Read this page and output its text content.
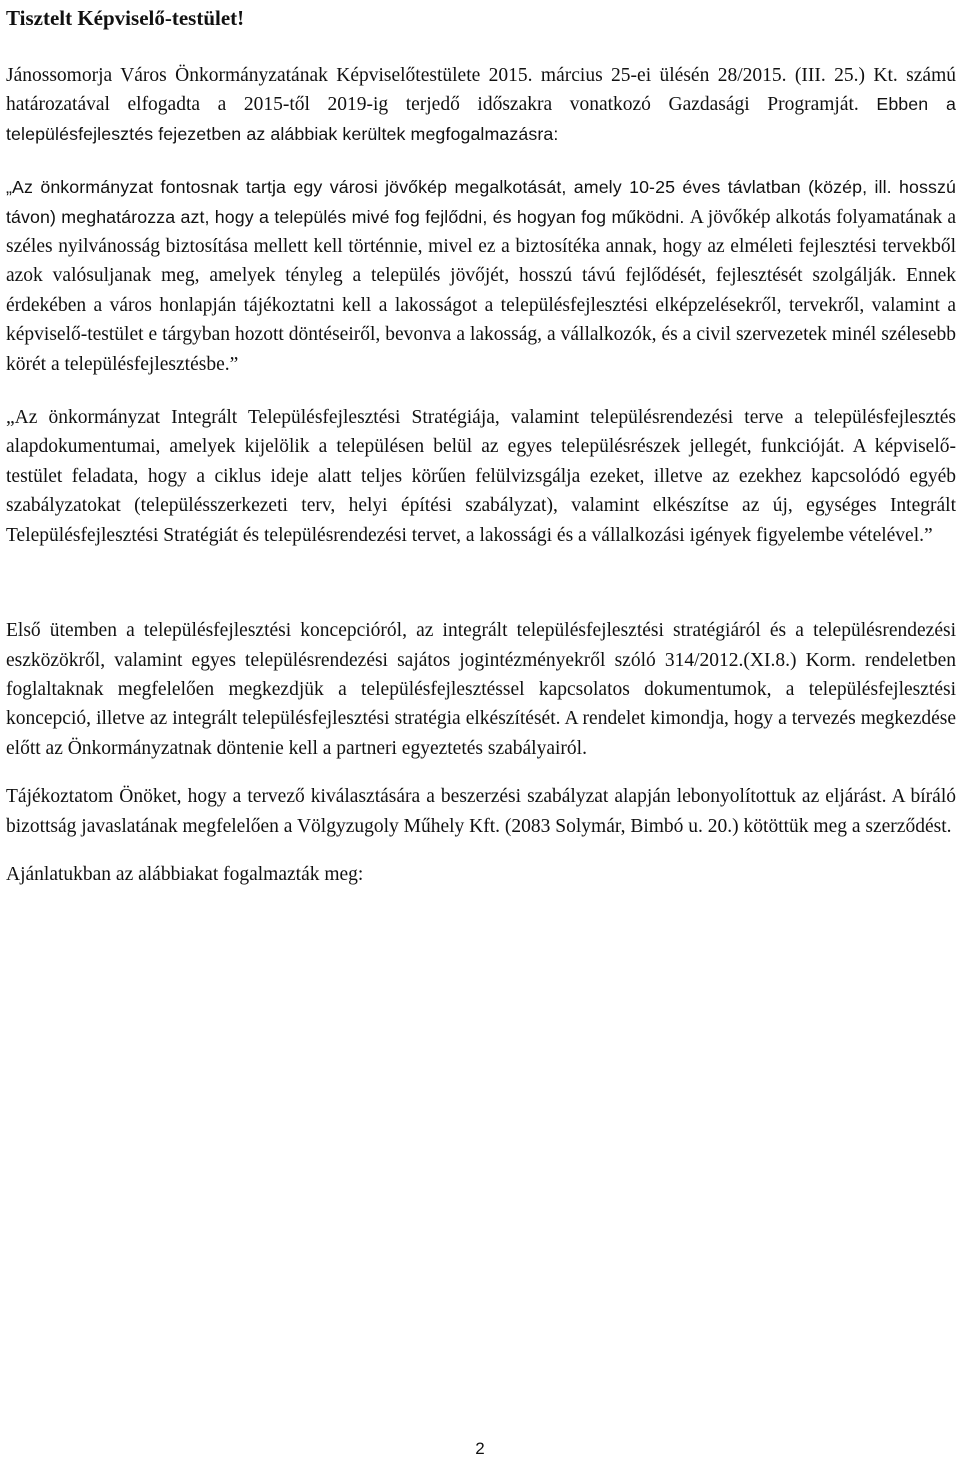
Tisztelt Képviselő-testület!

Jánossomorja Város Önkormányzatának Képviselőtestülete 2015. március 25-ei ülésén 28/2015. (III. 25.) Kt. számú határozatával elfogadta a 2015-től 2019-ig terjedő időszakra vonatkozó Gazdasági Programját. Ebben a településfejlesztés fejezetben az alábbiak kerültek megfogalmazásra:

„Az önkormányzat fontosnak tartja egy városi jövőkép megalkotását, amely 10-25 éves távlatban (közép, ill. hosszú távon) meghatározza azt, hogy a település mivé fog fejlődni, és hogyan fog működni. A jövőkép alkotás folyamatának a széles nyilvánosság biztosítása mellett kell történnie, mivel ez a biztosítéka annak, hogy az elméleti fejlesztési tervekből azok valósuljanak meg, amelyek tényleg a település jövőjét, hosszú távú fejlődését, fejlesztését szolgálják. Ennek érdekében a város honlapján tájékoztatni kell a lakosságot a településfejlesztési elképzelésekről, tervekről, valamint a képviselő-testület e tárgyban hozott döntéseiről, bevonva a lakosság, a vállalkozók, és a civil szervezetek minél szélesebb körét a településfejlesztésbe.”

„Az önkormányzat Integrált Településfejlesztési Stratégiája, valamint településrendezési terve a településfejlesztés alapdokumentumai, amelyek kijelölik a településen belül az egyes településrészek jellegét, funkcióját. A képviselő-testület feladata, hogy a ciklus ideje alatt teljes körűen felülvizsgálja ezeket, illetve az ezekhez kapcsolódó egyéb szabályzatokat (településszerkezeti terv, helyi építési szabályzat), valamint elkészítse az új, egységes Integrált Településfejlesztési Stratégiát és településrendezési tervet, a lakossági és a vállalkozási igények figyelembe vételével.”

Első ütemben a településfejlesztési koncepcióról, az integrált településfejlesztési stratégiáról és a településrendezési eszközökről, valamint egyes településrendezési sajátos jogintézményekről szóló 314/2012.(XI.8.) Korm. rendeletben foglaltaknak megfelelően megkezdjük a településfejlesztéssel kapcsolatos dokumentumok, a településfejlesztési koncepció, illetve az integrált településfejlesztési stratégia elkészítését. A rendelet kimondja, hogy a tervezés megkezdése előtt az Önkormányzatnak döntenie kell a partneri egyeztetés szabályairól.

Tájékoztatom Önöket, hogy a tervező kiválasztására a beszerzési szabályzat alapján lebonyolítottuk az eljárást. A bíráló bizottság javaslatának megfelelően a Völgyzugoly Műhely Kft. (2083 Solymár, Bimbó u. 20.) kötöttük meg a szerződést.

Ajánlatukban az alábbiakat fogalmazták meg:

2
